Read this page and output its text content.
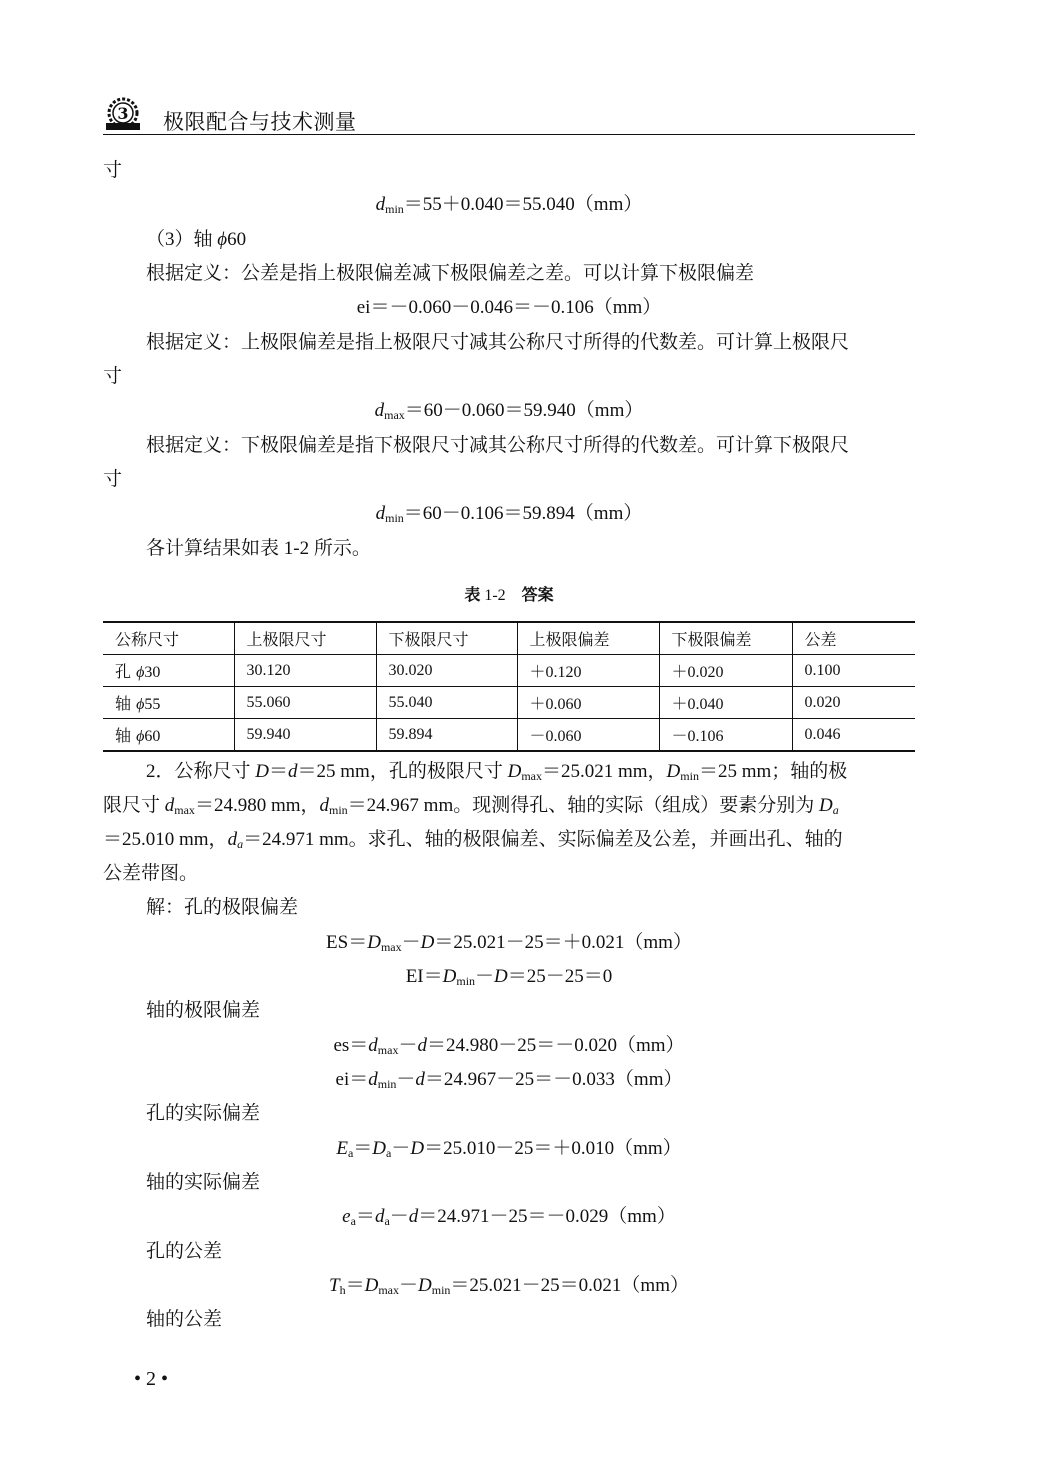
3 极限配合与技术测量
寸
$d_{min}=55+0.040=55.040(mm)$
（3）轴 ϕ60
根据定义：公差是指上极限偏差减下极限偏差之差。可以计算下极限偏差
ei＝－0.060－0.046＝－0.106（mm）
根据定义：上极限偏差是指上极限尺寸减其公称尺寸所得的代数差。可计算上极限尺
寸
$d_{max}=60-0.060=59.940(mm)$
根据定义：下极限偏差是指下极限尺寸减其公称尺寸所得的代数差。可计算下极限尺
寸
$d_{min}=60-0.106=59.894(mm)$
各计算结果如表 1-2 所示。
表 1-2　答案
公称尺寸	上极限尺寸	下极限尺寸	上极限偏差	下极限偏差	公差
孔 ϕ30	30.120	30.020	＋0.120	＋0.020	0.100
轴 ϕ55	55.060	55.040	＋0.060	＋0.040	0.020
轴 ϕ60	59.940	59.894	－0.060	－0.106	0.046
2．公称尺寸 D＝d＝25 mm，孔的极限尺寸 $D_{max}=25.021$ mm，$D_{min}=25$ mm；轴的极
限尺寸 $d_{max}=24.980$ mm，$d_{min}=24.967$ mm。现测得孔、轴的实际（组成）要素分别为 $D_a$
＝25.010 mm，$d_a=24.971$ mm。求孔、轴的极限偏差、实际偏差及公差，并画出孔、轴的
公差带图。
解：孔的极限偏差
$ES=D_{max}-D=25.021-25=+0.021(mm)$
$EI=D_{min}-D=25-25=0$
轴的极限偏差
$es=d_{max}-d=24.980-25=-0.020(mm)$
$ei=d_{min}-d=24.967-25=-0.033(mm)$
孔的实际偏差
$E_a=D_a-D=25.010-25=+0.010(mm)$
轴的实际偏差
$e_a=d_a-d=24.971-25=-0.029(mm)$
孔的公差
$T_h=D_{max}-D_{min}=25.021-25=0.021(mm)$
轴的公差
• 2 •
